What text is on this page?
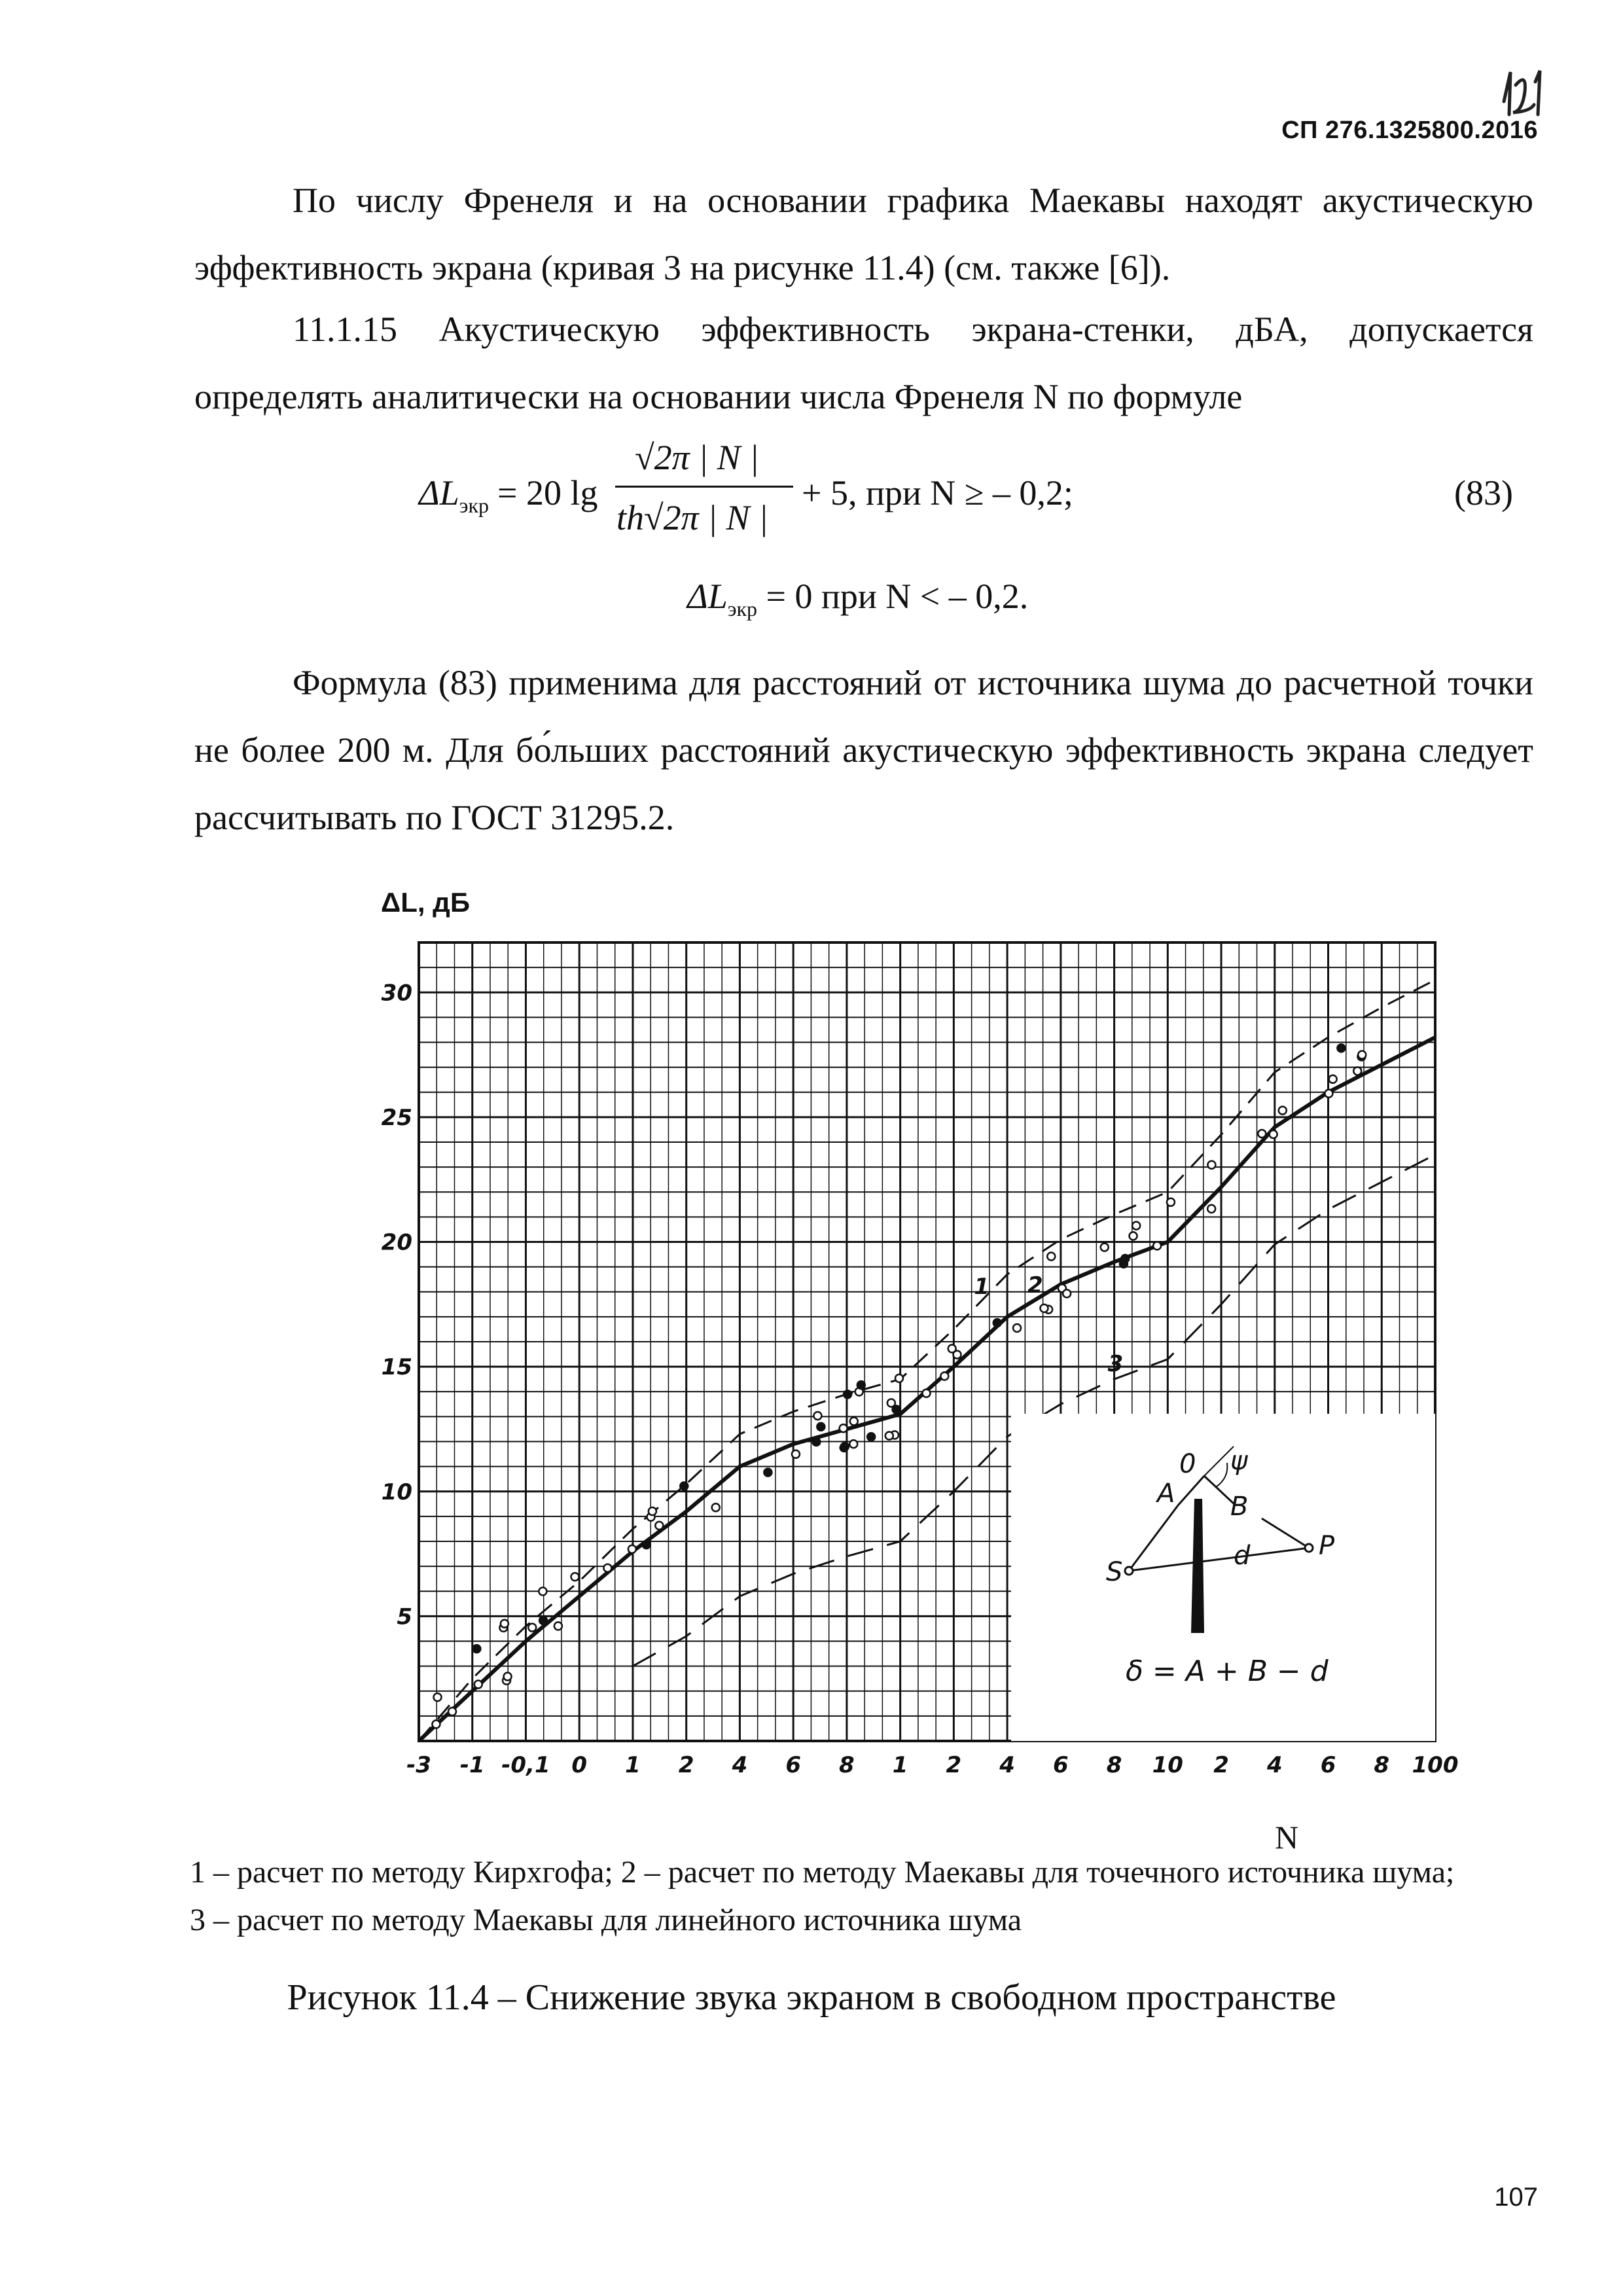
СП 276.1325800.2016

По числу Френеля и на основании графика Маекавы находят акустическую эффективность экрана (кривая 3 на рисунке 11.4) (см. также [6]).

11.1.15 Акустическую эффективность экрана-стенки, дБА, допускается определять аналитически на основании числа Френеля N по формуле

$\Delta L_{экр} = 20$ lg
√2π | N |
th√2π | N |
+ 5, при N ≥ – 0,2;	(83)
$\Delta L_{экр} = 0$ при N < – 0,2.

Формула (83) применима для расстояний от источника шума до расчетной точки не более 200 м. Для бо́льших расстояний акустическую эффективность экрана следует рассчитывать по ГОСТ 31295.2.

ΔL, дБ
5
10
15
20
25
30
-3 -1 -0,1 0 1 2 4 6 8 1 2 4 6 8 10 2 4 6 8 100
1 2
3
0 ψ
A B
S
P
d
δ = A + B − d
N
1 – расчет по методу Кирхгофа; 2 – расчет по методу Маекавы для точечного источника шума;
3 – расчет по методу Маекавы для линейного источника шума
Рисунок 11.4 – Снижение звука экраном в свободном пространстве
107
